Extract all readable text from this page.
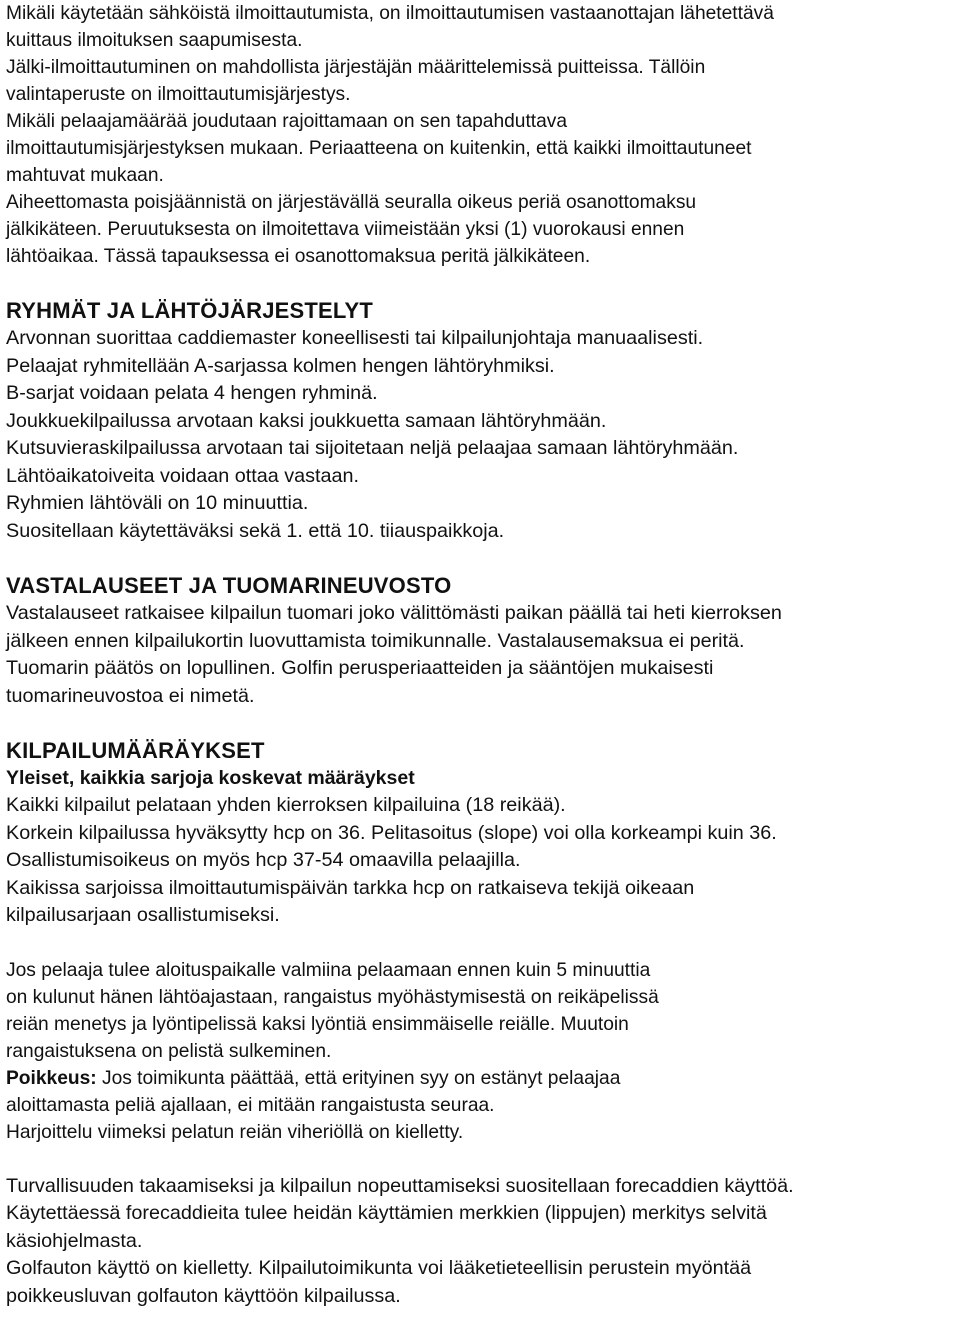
Mikäli käytetään sähköistä ilmoittautumista, on ilmoittautumisen vastaanottajan lähetettävä
kuittaus ilmoituksen saapumisesta.
Jälki-ilmoittautuminen on mahdollista järjestäjän määrittelemissä puitteissa. Tällöin
valintaperuste on ilmoittautumisjärjestys.
Mikäli pelaajamäärää joudutaan rajoittamaan on sen tapahduttava
ilmoittautumisjärjestyksen mukaan. Periaatteena on kuitenkin, että kaikki ilmoittautuneet
mahtuvat mukaan.
Aiheettomasta poisjäännistä on järjestävällä seuralla oikeus periä osanottomaksu
jälkikäteen. Peruutuksesta on ilmoitettava viimeistään yksi (1) vuorokausi ennen
lähtöaikaa. Tässä tapauksessa ei osanottomaksua peritä jälkikäteen.
RYHMÄT JA LÄHTÖJÄRJESTELYT
Arvonnan suorittaa caddiemaster koneellisesti tai kilpailunjohtaja manuaalisesti.
Pelaajat ryhmitellään A-sarjassa kolmen hengen lähtöryhmiksi.
B-sarjat voidaan pelata 4 hengen ryhminä.
Joukkuekilpailussa arvotaan kaksi joukkuetta samaan lähtöryhmään.
Kutsuvieraskilpailussa arvotaan tai sijoitetaan neljä pelaajaa samaan lähtöryhmään.
Lähtöaikatoiveita voidaan ottaa vastaan.
Ryhmien lähtöväli on 10 minuuttia.
Suositellaan käytettäväksi sekä 1. että 10. tiiauspaikkoja.
VASTALAUSEET JA TUOMARINEUVOSTO
Vastalauseet ratkaisee kilpailun tuomari joko välittömästi paikan päällä tai heti kierroksen
jälkeen ennen kilpailukortin luovuttamista toimikunnalle. Vastalausemaksua ei peritä.
Tuomarin päätös on lopullinen. Golfin perusperiaatteiden ja sääntöjen mukaisesti
tuomarineuvostoa ei nimetä.
KILPAILUMÄÄRÄYKSET
Yleiset, kaikkia sarjoja koskevat määräykset
Kaikki kilpailut pelataan yhden kierroksen kilpailuina (18 reikää).
Korkein kilpailussa hyväksytty hcp on 36. Pelitasoitus (slope) voi olla korkeampi kuin 36.
Osallistumisoikeus on myös hcp 37-54 omaavilla pelaajilla.
Kaikissa sarjoissa ilmoittautumispäivän tarkka hcp on ratkaiseva tekijä oikeaan
kilpailusarjaan osallistumiseksi.
Jos pelaaja tulee aloituspaikalle valmiina pelaamaan ennen kuin 5 minuuttia
on kulunut hänen lähtöajastaan, rangaistus myöhästymisestä on reikäpelissä
reiän menetys ja lyöntipelissä kaksi lyöntiä ensimmäiselle reiälle. Muutoin
rangaistuksena on pelistä sulkeminen.
Poikkeus: Jos toimikunta päättää, että erityinen syy on estänyt pelaajaa
aloittamasta peliä ajallaan, ei mitään rangaistusta seuraa.
Harjoittelu viimeksi pelatun reiän viheriöllä on kielletty.
Turvallisuuden takaamiseksi ja kilpailun nopeuttamiseksi suositellaan forecaddien käyttöä.
Käytettäessä forecaddieita tulee heidän käyttämien merkkien (lippujen) merkitys selvitä
käsiohjelmasta.
Golfauton käyttö on kielletty. Kilpailutoimikunta voi lääketieteellisin perustein myöntää
poikkeusluvan golfauton käyttöön kilpailussa.
